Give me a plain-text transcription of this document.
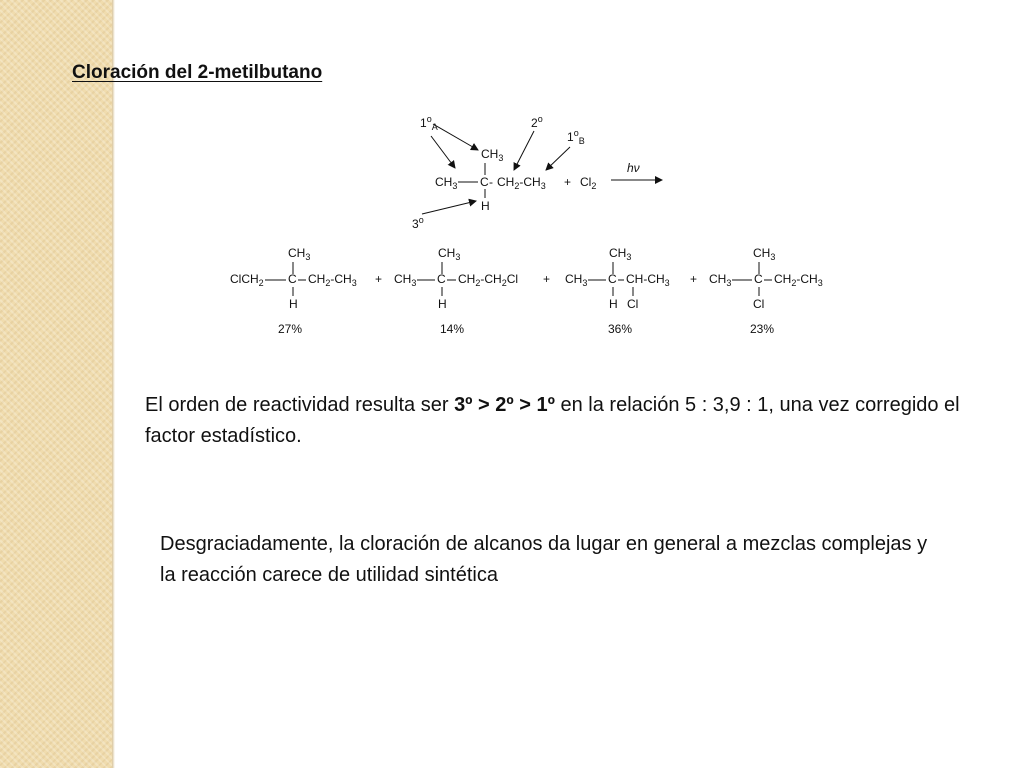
Cloración del 2-metilbutano
$1^o_A$	2$^o$
$1^o_B$
3$^o$
$CH_3$
$CH_3$ C - $CH_2-CH_3$
H
+ $Cl_2$
hν
$CH_3$
ClCH$_2$ C $CH_2-CH_3$
H
+
27%
$CH_3$
$CH_3$ C $CH_2-CH_2Cl$
H
+
14%
$CH_3$
$CH_3$ C $CH-CH_3$
H Cl
+
36%
$CH_3$
$CH_3$ C $CH_2-CH_3$
Cl
23%
El orden de reactividad resulta ser 3º > 2º > 1º en la relación 5 : 3,9 : 1, una vez corregido el factor estadístico.
Desgraciadamente, la cloración de alcanos da lugar en general a mezclas complejas y la reacción carece de utilidad sintética
